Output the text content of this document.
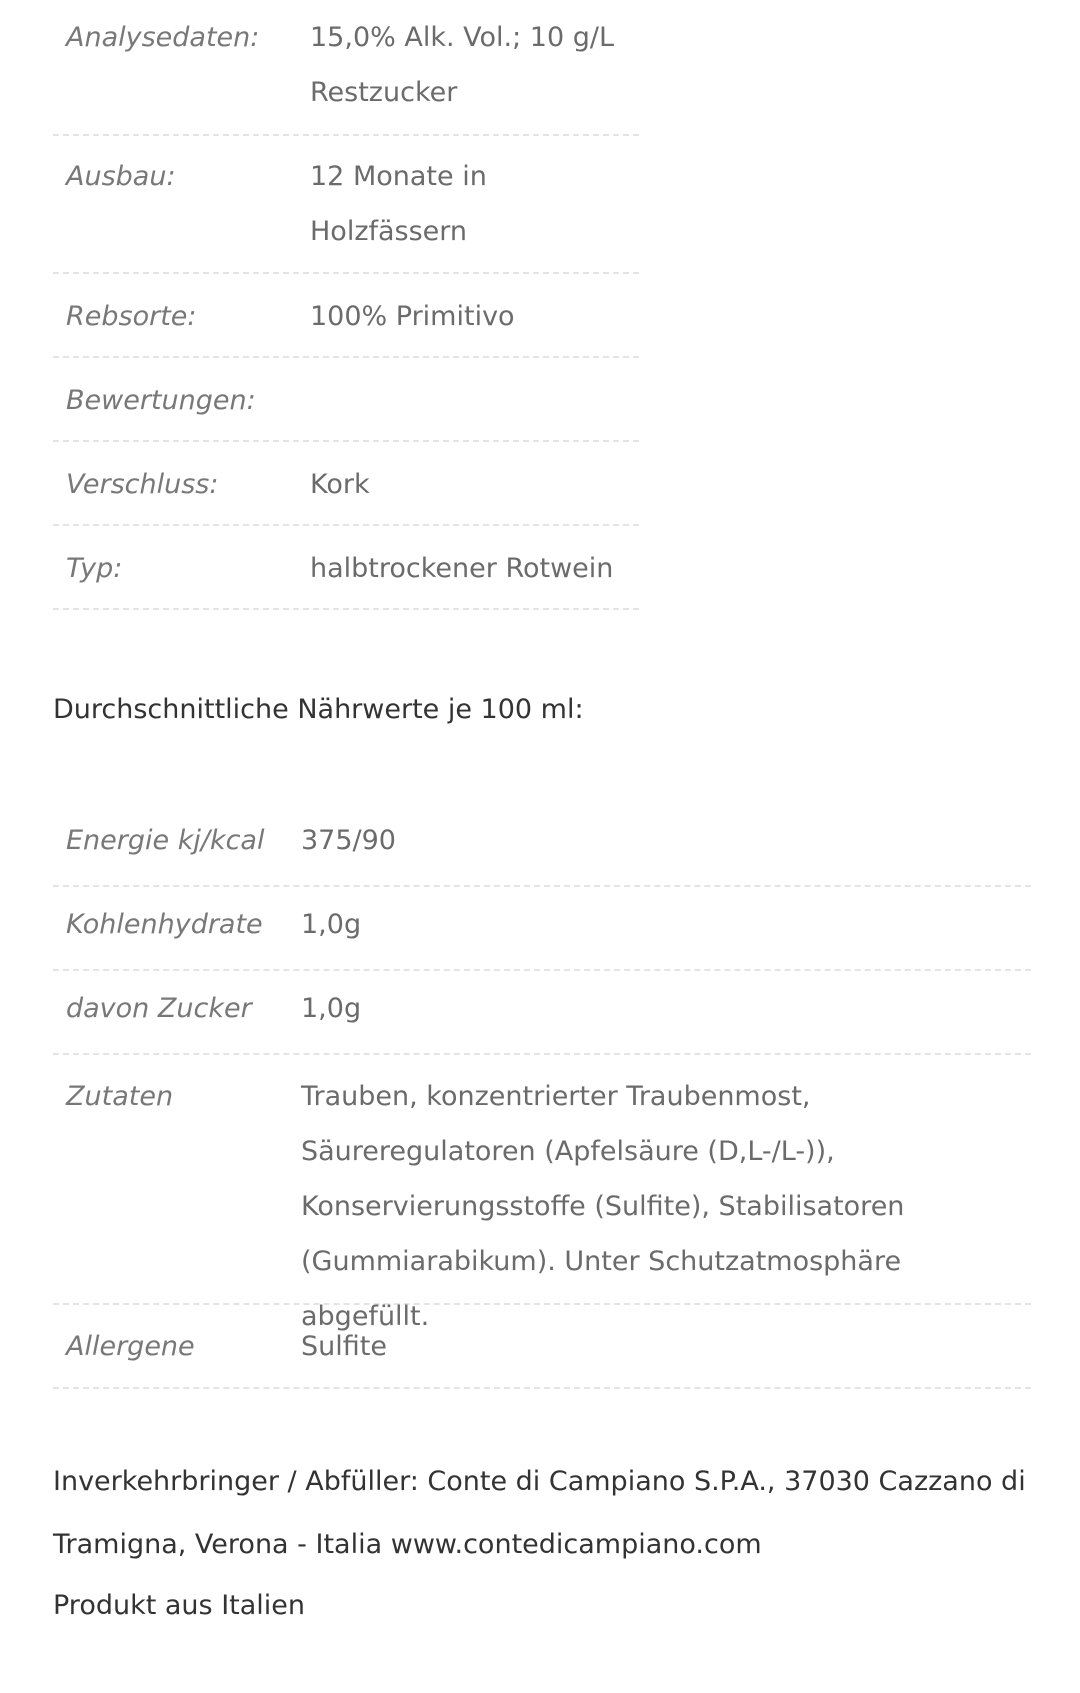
Analysedaten:	15,0% Alk. Vol.; 10 g/L Restzucker
Ausbau:	12 Monate in Holzfässern
Rebsorte:	100% Primitivo
Bewertungen:
Verschluss:	Kork
Typ:	halbtrockener Rotwein
Durchschnittliche Nährwerte je 100 ml:
Energie kj/kcal	375/90
Kohlenhydrate	1,0g
davon Zucker	1,0g
Zutaten	Trauben, konzentrierter Traubenmost, Säureregulatoren (Apfelsäure (D,L-/L-)), Konservierungsstoffe (Sulfite), Stabilisatoren (Gummiarabikum). Unter Schutzatmosphäre abgefüllt.
Allergene	Sulfite
Inverkehrbringer / Abfüller: Conte di Campiano S.P.A., 37030 Cazzano di Tramigna, Verona - Italia www.contedicampiano.com
Produkt aus Italien
